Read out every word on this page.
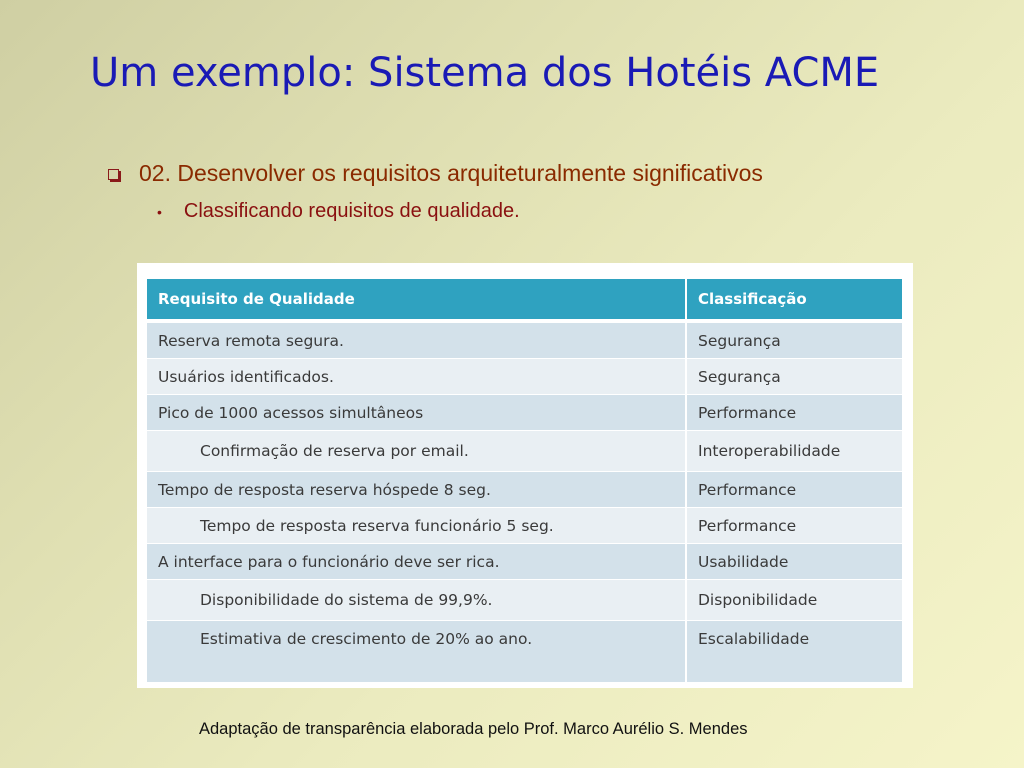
Um exemplo: Sistema dos Hotéis ACME
02. Desenvolver os requisitos arquiteturalmente significativos
• Classificando requisitos de qualidade.
Requisito de Qualidade	Classificação
Reserva remota segura.	Segurança
Usuários identificados.	Segurança
Pico de 1000 acessos simultâneos	Performance
Confirmação de reserva por email.	Interoperabilidade
Tempo de resposta reserva hóspede 8 seg.	Performance
Tempo de resposta reserva funcionário 5 seg.	Performance
A interface para o funcionário deve ser rica.	Usabilidade
Disponibilidade do sistema de 99,9%.	Disponibilidade
Estimativa de crescimento de 20% ao ano.	Escalabilidade
Adaptação de transparência elaborada pelo Prof. Marco Aurélio S. Mendes
